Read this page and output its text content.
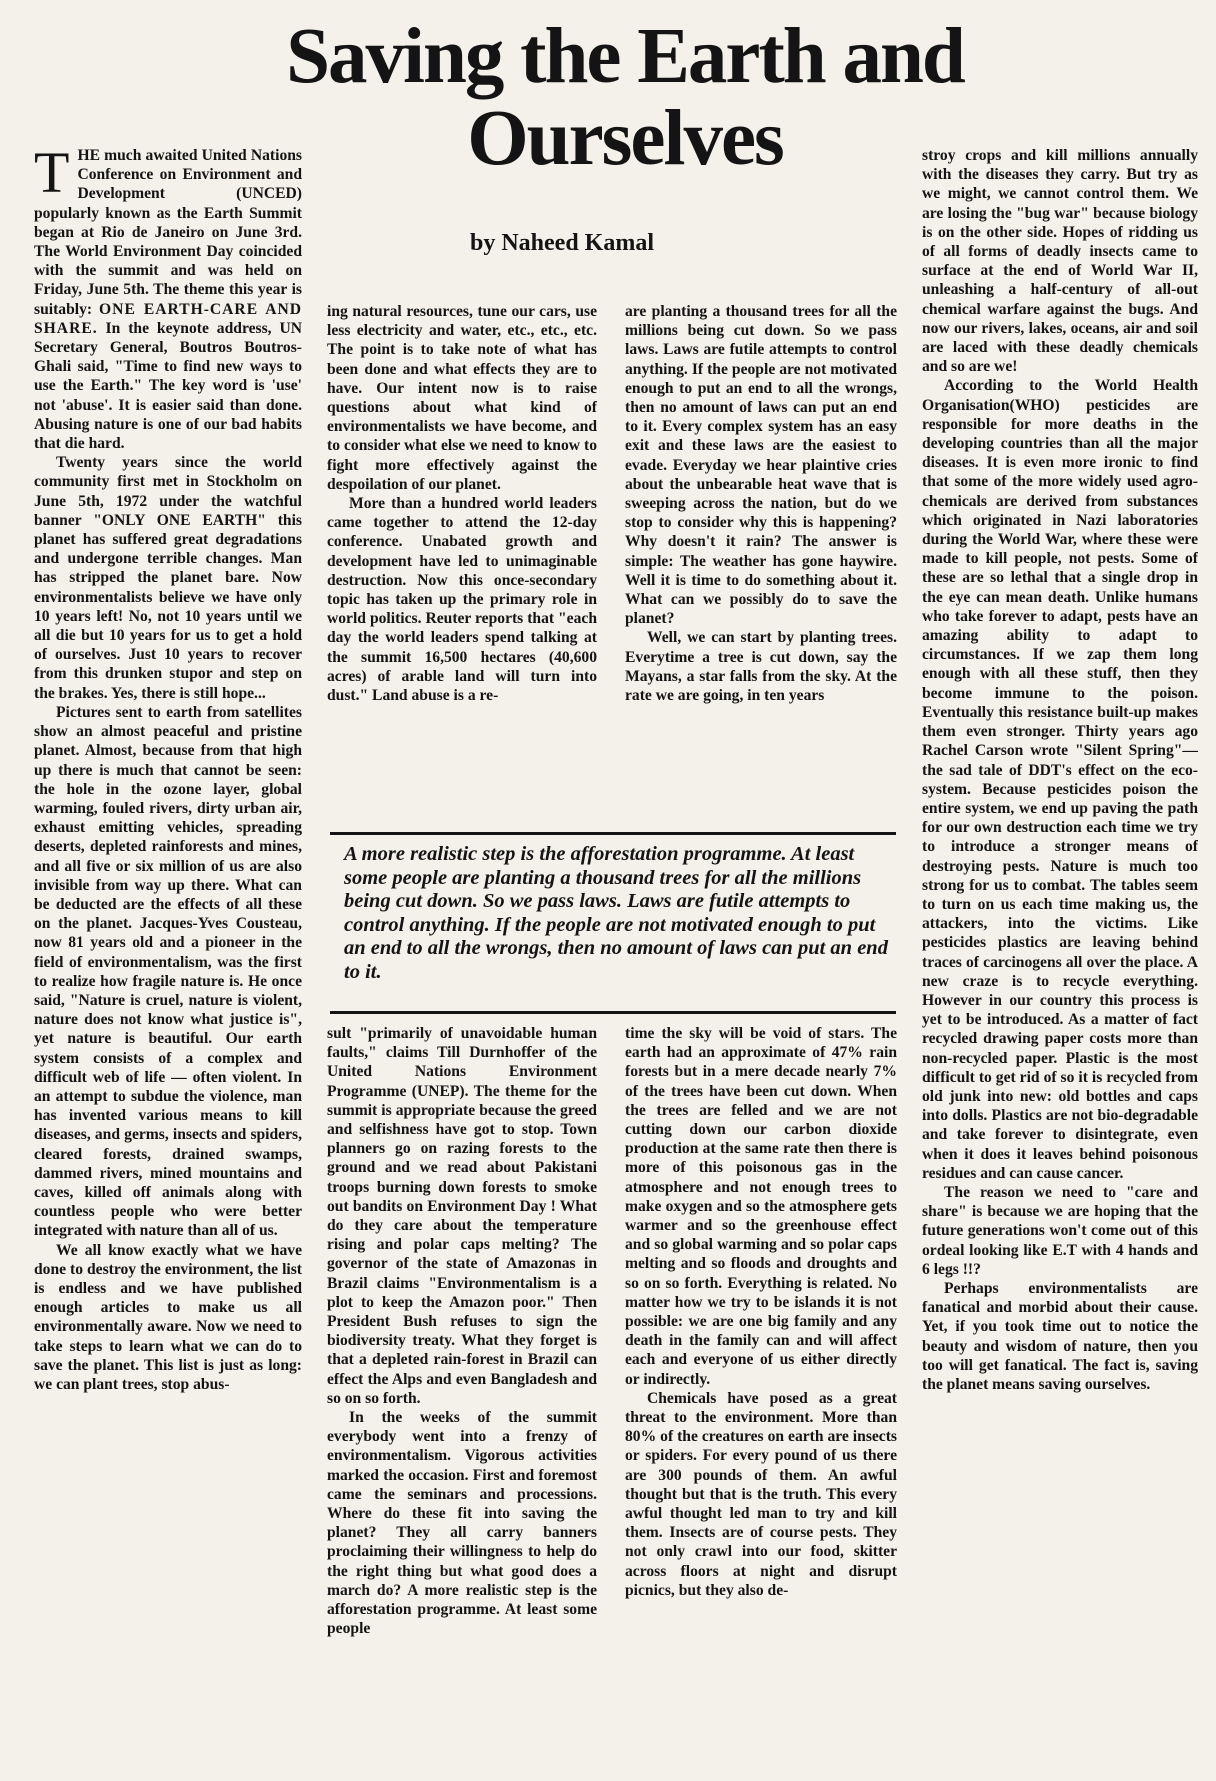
Saving the Earth and
Ourselves

by Naheed Kamal

THE much awaited United Nations Conference on Environment and Development (UNCED) popularly known as the Earth Summit began at Rio de Janeiro on June 3rd. The World Environment Day coincided with the summit and was held on Friday, June 5th. The theme this year is suitably: ONE EARTH-CARE AND SHARE. In the keynote address, UN Secretary General, Boutros Boutros-Ghali said, "Time to find new ways to use the Earth." The key word is 'use' not 'abuse'. It is easier said than done. Abusing nature is one of our bad habits that die hard.

Twenty years since the world community first met in Stockholm on June 5th, 1972 under the watchful banner "ONLY ONE EARTH" this planet has suffered great degradations and undergone terrible changes. Man has stripped the planet bare. Now environmentalists believe we have only 10 years left! No, not 10 years until we all die but 10 years for us to get a hold of ourselves. Just 10 years to recover from this drunken stupor and step on the brakes. Yes, there is still hope...

Pictures sent to earth from satellites show an almost peaceful and pristine planet. Almost, because from that high up there is much that cannot be seen: the hole in the ozone layer, global warming, fouled rivers, dirty urban air, exhaust emitting vehicles, spreading deserts, depleted rainforests and mines, and all five or six million of us are also invisible from way up there. What can be deducted are the effects of all these on the planet. Jacques-Yves Cousteau, now 81 years old and a pioneer in the field of environmentalism, was the first to realize how fragile nature is. He once said, "Nature is cruel, nature is violent, nature does not know what justice is", yet nature is beautiful. Our earth system consists of a complex and difficult web of life — often violent. In an attempt to subdue the violence, man has invented various means to kill diseases, and germs, insects and spiders, cleared forests, drained swamps, dammed rivers, mined mountains and caves, killed off animals along with countless people who were better integrated with nature than all of us.

We all know exactly what we have done to destroy the environment, the list is endless and we have published enough articles to make us all environmentally aware. Now we need to take steps to learn what we can do to save the planet. This list is just as long: we can plant trees, stop abus-

ing natural resources, tune our cars, use less electricity and water, etc., etc., etc. The point is to take note of what has been done and what effects they are to have. Our intent now is to raise questions about what kind of environmentalists we have become, and to consider what else we need to know to fight more effectively against the despoilation of our planet.

More than a hundred world leaders came together to attend the 12-day conference. Unabated growth and development have led to unimaginable destruction. Now this once-secondary topic has taken up the primary role in world politics. Reuter reports that "each day the world leaders spend talking at the summit 16,500 hectares (40,600 acres) of arable land will turn into dust." Land abuse is a re-

are planting a thousand trees for all the millions being cut down. So we pass laws. Laws are futile attempts to control anything. If the people are not motivated enough to put an end to all the wrongs, then no amount of laws can put an end to it. Every complex system has an easy exit and these laws are the easiest to evade. Everyday we hear plaintive cries about the unbearable heat wave that is sweeping across the nation, but do we stop to consider why this is happening? Why doesn't it rain? The answer is simple: The weather has gone haywire. Well it is time to do something about it. What can we possibly do to save the planet?

Well, we can start by planting trees. Everytime a tree is cut down, say the Mayans, a star falls from the sky. At the rate we are going, in ten years

A more realistic step is the afforestation programme. At least some people are planting a thousand trees for all the millions being cut down. So we pass laws. Laws are futile attempts to control anything. If the people are not motivated enough to put an end to all the wrongs, then no amount of laws can put an end to it.

sult "primarily of unavoidable human faults," claims Till Durnhoffer of the United Nations Environment Programme (UNEP). The theme for the summit is appropriate because the greed and selfishness have got to stop. Town planners go on razing forests to the ground and we read about Pakistani troops burning down forests to smoke out bandits on Environment Day ! What do they care about the temperature rising and polar caps melting? The governor of the state of Amazonas in Brazil claims "Environmentalism is a plot to keep the Amazon poor." Then President Bush refuses to sign the biodiversity treaty. What they forget is that a depleted rain-forest in Brazil can effect the Alps and even Bangladesh and so on so forth.

In the weeks of the summit everybody went into a frenzy of environmentalism. Vigorous activities marked the occasion. First and foremost came the seminars and processions. Where do these fit into saving the planet? They all carry banners proclaiming their willingness to help do the right thing but what good does a march do? A more realistic step is the afforestation programme. At least some people

time the sky will be void of stars. The earth had an approximate of 47% rain forests but in a mere decade nearly 7% of the trees have been cut down. When the trees are felled and we are not cutting down our carbon dioxide production at the same rate then there is more of this poisonous gas in the atmosphere and not enough trees to make oxygen and so the atmosphere gets warmer and so the greenhouse effect and so global warming and so polar caps melting and so floods and droughts and so on so forth. Everything is related. No matter how we try to be islands it is not possible: we are one big family and any death in the family can and will affect each and everyone of us either directly or indirectly.

Chemicals have posed as a great threat to the environment. More than 80% of the creatures on earth are insects or spiders. For every pound of us there are 300 pounds of them. An awful thought but that is the truth. This every awful thought led man to try and kill them. Insects are of course pests. They not only crawl into our food, skitter across floors at night and disrupt picnics, but they also de-

stroy crops and kill millions annually with the diseases they carry. But try as we might, we cannot control them. We are losing the "bug war" because biology is on the other side. Hopes of ridding us of all forms of deadly insects came to surface at the end of World War II, unleashing a half-century of all-out chemical warfare against the bugs. And now our rivers, lakes, oceans, air and soil are laced with these deadly chemicals and so are we!

According to the World Health Organisation(WHO) pesticides are responsible for more deaths in the developing countries than all the major diseases. It is even more ironic to find that some of the more widely used agro-chemicals are derived from substances which originated in Nazi laboratories during the World War, where these were made to kill people, not pests. Some of these are so lethal that a single drop in the eye can mean death. Unlike humans who take forever to adapt, pests have an amazing ability to adapt to circumstances. If we zap them long enough with all these stuff, then they become immune to the poison. Eventually this resistance built-up makes them even stronger. Thirty years ago Rachel Carson wrote "Silent Spring"—the sad tale of DDT's effect on the eco-system. Because pesticides poison the entire system, we end up paving the path for our own destruction each time we try to introduce a stronger means of destroying pests. Nature is much too strong for us to combat. The tables seem to turn on us each time making us, the attackers, into the victims. Like pesticides plastics are leaving behind traces of carcinogens all over the place. A new craze is to recycle everything. However in our country this process is yet to be introduced. As a matter of fact recycled drawing paper costs more than non-recycled paper. Plastic is the most difficult to get rid of so it is recycled from old junk into new: old bottles and caps into dolls. Plastics are not bio-degradable and take forever to disintegrate, even when it does it leaves behind poisonous residues and can cause cancer.

The reason we need to "care and share" is because we are hoping that the future generations won't come out of this ordeal looking like E.T with 4 hands and 6 legs !!?

Perhaps environmentalists are fanatical and morbid about their cause. Yet, if you took time out to notice the beauty and wisdom of nature, then you too will get fanatical. The fact is, saving the planet means saving ourselves.
